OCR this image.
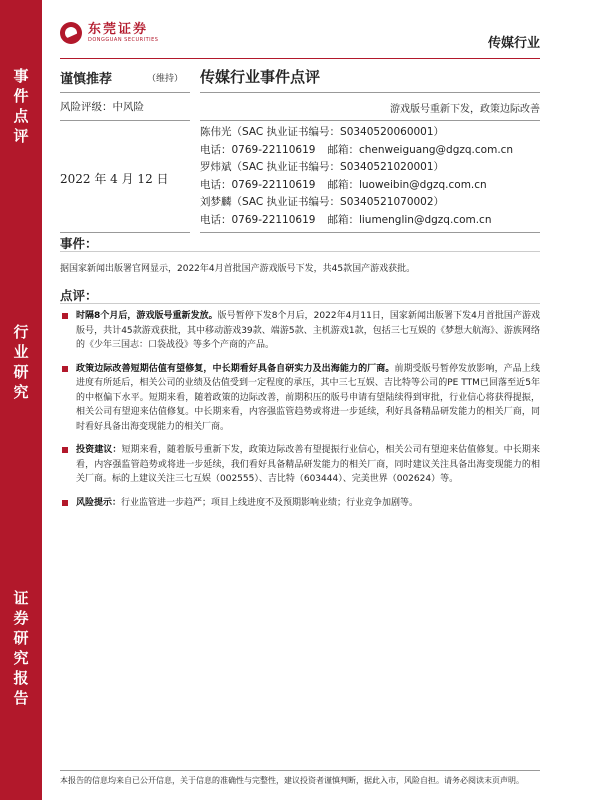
事件点评
行业研究
证券研究报告
东莞证券
DONGGUAN SECURITIES	传媒行业
谨慎推荐	（维持）
风险评级：中风险
2022 年 4 月 12 日
传媒行业事件点评
游戏版号重新下发，政策边际改善
陈伟光（SAC 执业证书编号：S0340520060001）
电话：0769-22110619 邮箱：chenweiguang@dgzq.com.cn
罗炜斌（SAC 执业证书编号：S0340521020001）
电话：0769-22110619 邮箱：luoweibin@dgzq.com.cn
刘梦麟（SAC 执业证书编号：S0340521070002）
电话：0769-22110619 邮箱：liumenglin@dgzq.com.cn
事件：
据国家新闻出版署官网显示，2022年4月首批国产游戏版号下发，共45款国产游戏获批。
点评：
时隔8个月后，游戏版号重新发放。版号暂停下发8个月后，2022年4月11日，国家新闻出版署下发4月首批国产游戏版号，共计45款游戏获批，其中移动游戏39款、端游5款、主机游戏1款，包括三七互娱的《梦想大航海》、游族网络的《少年三国志：口袋战役》等多个产商的产品。
政策边际改善短期估值有望修复，中长期看好具备自研实力及出海能力的厂商。前期受版号暂停发放影响，产品上线进度有所延后，相关公司的业绩及估值受到一定程度的承压，其中三七互娱、吉比特等公司的PE TTM已回落至近5年的中枢偏下水平。短期来看，随着政策的边际改善，前期积压的版号申请有望陆续得到审批，行业信心将获得提振，相关公司有望迎来估值修复。中长期来看，内容强监管趋势或将进一步延续，利好具备精品研发能力的相关厂商，同时看好具备出海变现能力的相关厂商。
投资建议：短期来看，随着版号重新下发，政策边际改善有望提振行业信心，相关公司有望迎来估值修复。中长期来看，内容强监管趋势或将进一步延续，我们看好具备精品研发能力的相关厂商，同时建议关注具备出海变现能力的相关厂商。标的上建议关注三七互娱（002555）、吉比特（603444）、完美世界（002624）等。
风险提示：行业监管进一步趋严；项目上线进度不及预期影响业绩；行业竞争加剧等。
本报告的信息均来自已公开信息，关于信息的准确性与完整性，建议投资者谨慎判断，据此入市，风险自担。请务必阅读末页声明。
